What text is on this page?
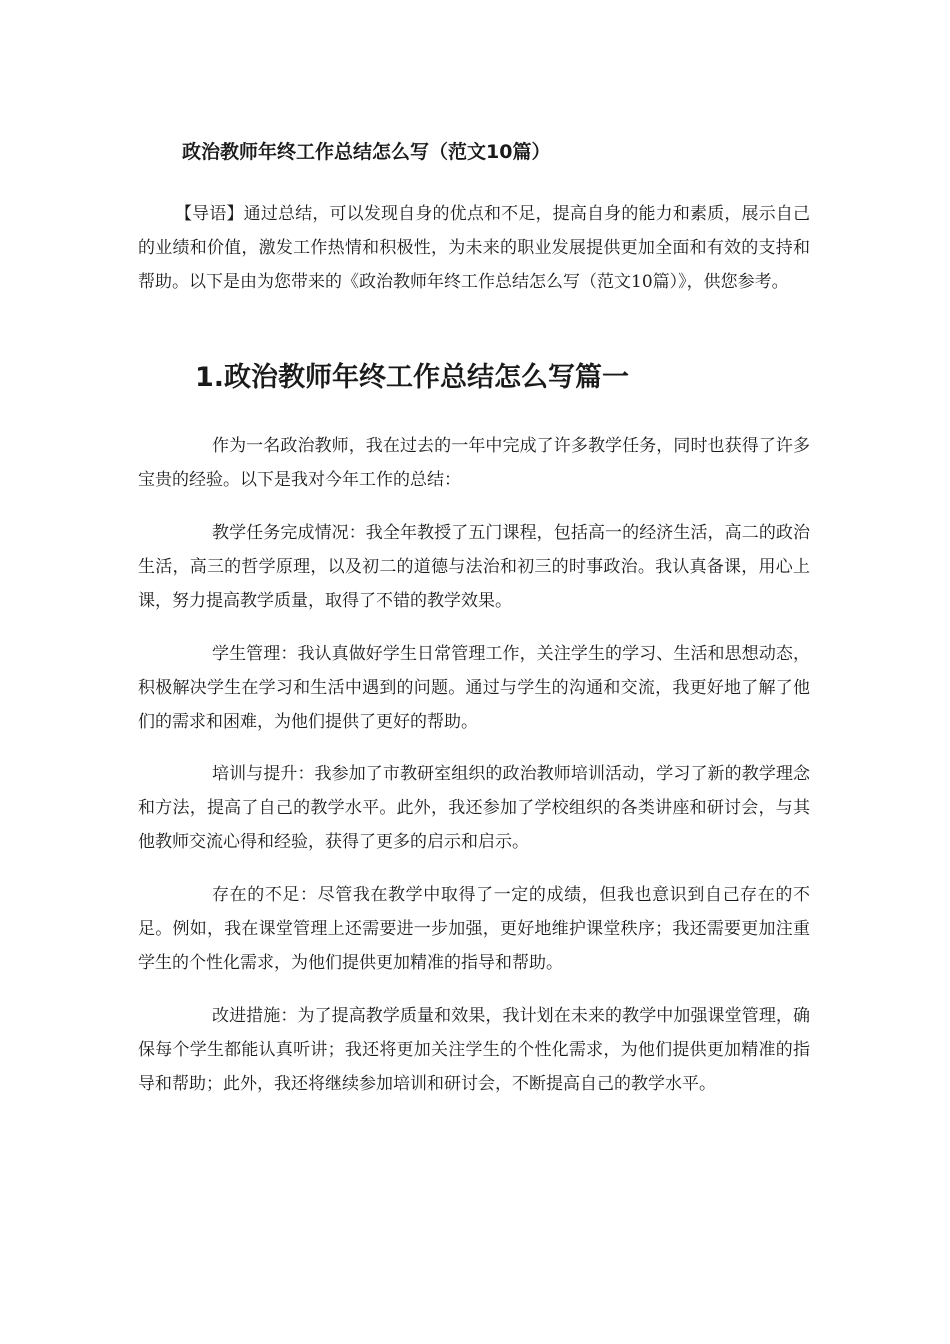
政治教师年终工作总结怎么写（范文10篇）

【导语】通过总结，可以发现自身的优点和不足，提高自身的能力和素质，展示自己的业绩和价值，激发工作热情和积极性，为未来的职业发展提供更加全面和有效的支持和帮助。以下是由为您带来的《政治教师年终工作总结怎么写（范文10篇）》，供您参考。

1.政治教师年终工作总结怎么写篇一

作为一名政治教师，我在过去的一年中完成了许多教学任务，同时也获得了许多宝贵的经验。以下是我对今年工作的总结：

教学任务完成情况：我全年教授了五门课程，包括高一的经济生活，高二的政治生活，高三的哲学原理，以及初二的道德与法治和初三的时事政治。我认真备课，用心上课，努力提高教学质量，取得了不错的教学效果。

学生管理：我认真做好学生日常管理工作，关注学生的学习、生活和思想动态，积极解决学生在学习和生活中遇到的问题。通过与学生的沟通和交流，我更好地了解了他们的需求和困难，为他们提供了更好的帮助。

培训与提升：我参加了市教研室组织的政治教师培训活动，学习了新的教学理念和方法，提高了自己的教学水平。此外，我还参加了学校组织的各类讲座和研讨会，与其他教师交流心得和经验，获得了更多的启示和启示。

存在的不足：尽管我在教学中取得了一定的成绩，但我也意识到自己存在的不足。例如，我在课堂管理上还需要进一步加强，更好地维护课堂秩序；我还需要更加注重学生的个性化需求，为他们提供更加精准的指导和帮助。

改进措施：为了提高教学质量和效果，我计划在未来的教学中加强课堂管理，确保每个学生都能认真听讲；我还将更加关注学生的个性化需求，为他们提供更加精准的指导和帮助；此外，我还将继续参加培训和研讨会，不断提高自己的教学水平。
